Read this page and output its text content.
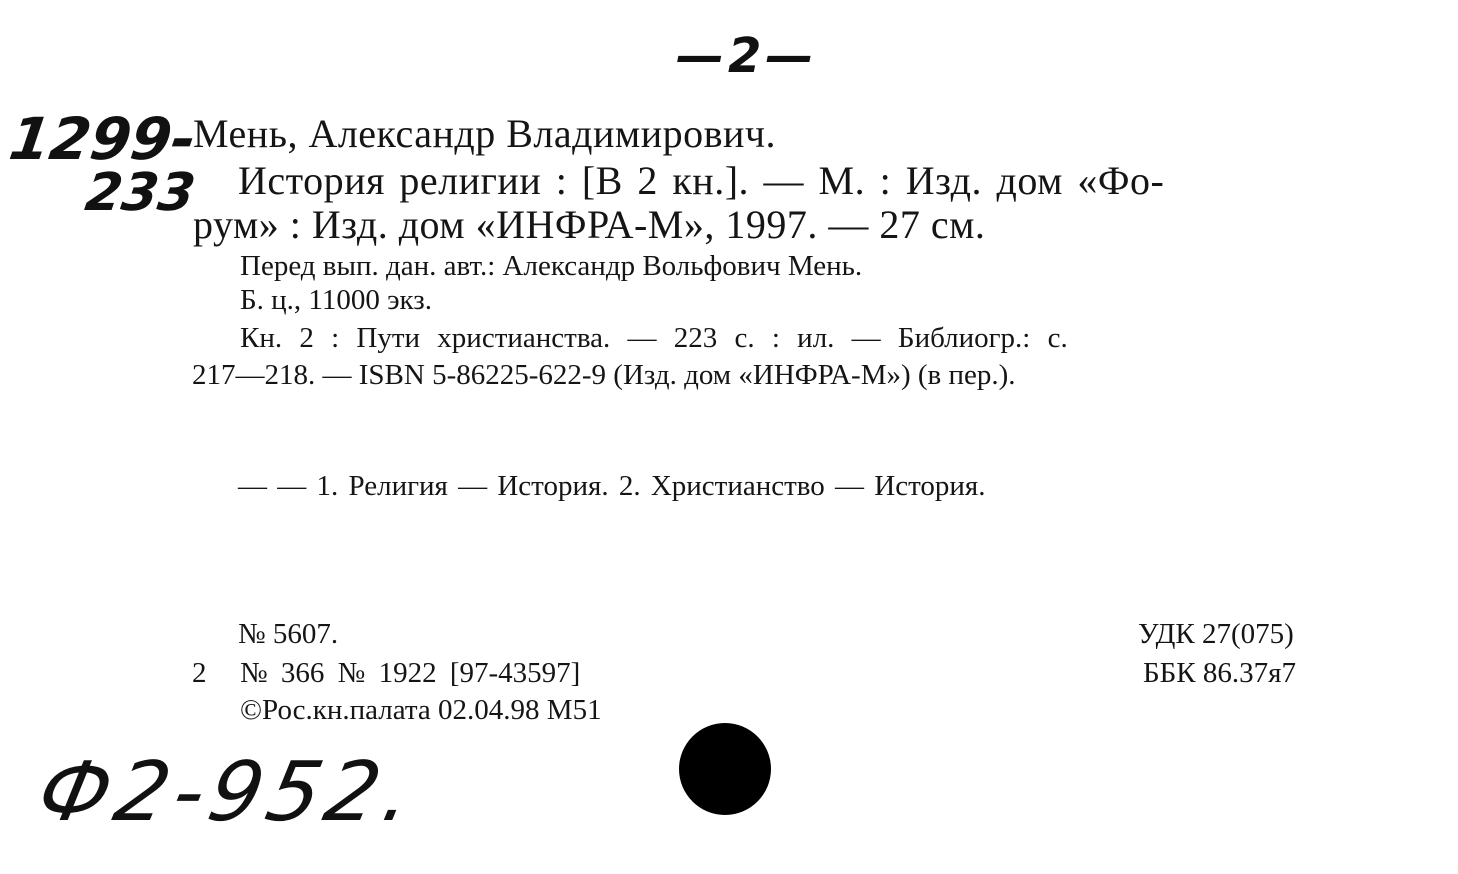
—2—
1299-
233
Мень, Александр Владимирович.
История религии : [В 2 кн.]. — М. : Изд. дом «Фо-
рум» : Изд. дом «ИНФРА-М», 1997. — 27 см.
Перед вып. дан. авт.: Александр Вольфович Мень.
Б. ц., 11000 экз.
Кн. 2 : Пути христианства. — 223 с. : ил. — Библиогр.: с.
217—218. — ISBN 5-86225-622-9 (Изд. дом «ИНФРА-М») (в пер.).
— — 1. Религия — История. 2. Христианство — История.
№ 5607.
2 № 366 № 1922 [97-43597]
©Рос.кн.палата 02.04.98 М51
УДК 27(075)
ББК 86.37я7
Ф2-952.
